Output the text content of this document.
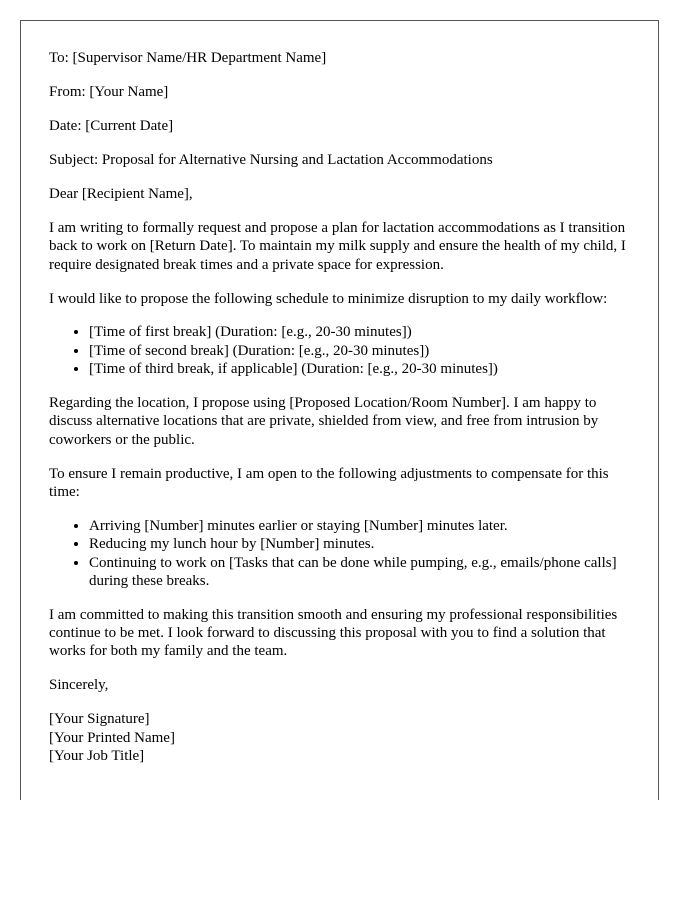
To: [Supervisor Name/HR Department Name]

From: [Your Name]

Date: [Current Date]

Subject: Proposal for Alternative Nursing and Lactation Accommodations

Dear [Recipient Name],

I am writing to formally request and propose a plan for lactation accommodations as I transition back to work on [Return Date]. To maintain my milk supply and ensure the health of my child, I require designated break times and a private space for expression.

I would like to propose the following schedule to minimize disruption to my daily workflow:

• [Time of first break] (Duration: [e.g., 20-30 minutes])
• [Time of second break] (Duration: [e.g., 20-30 minutes])
• [Time of third break, if applicable] (Duration: [e.g., 20-30 minutes])

Regarding the location, I propose using [Proposed Location/Room Number]. I am happy to discuss alternative locations that are private, shielded from view, and free from intrusion by coworkers or the public.

To ensure I remain productive, I am open to the following adjustments to compensate for this time:

• Arriving [Number] minutes earlier or staying [Number] minutes later.
• Reducing my lunch hour by [Number] minutes.
• Continuing to work on [Tasks that can be done while pumping, e.g., emails/phone calls] during these breaks.

I am committed to making this transition smooth and ensuring my professional responsibilities continue to be met. I look forward to discussing this proposal with you to find a solution that works for both my family and the team.

Sincerely,

[Your Signature]

[Your Printed Name]

[Your Job Title]
